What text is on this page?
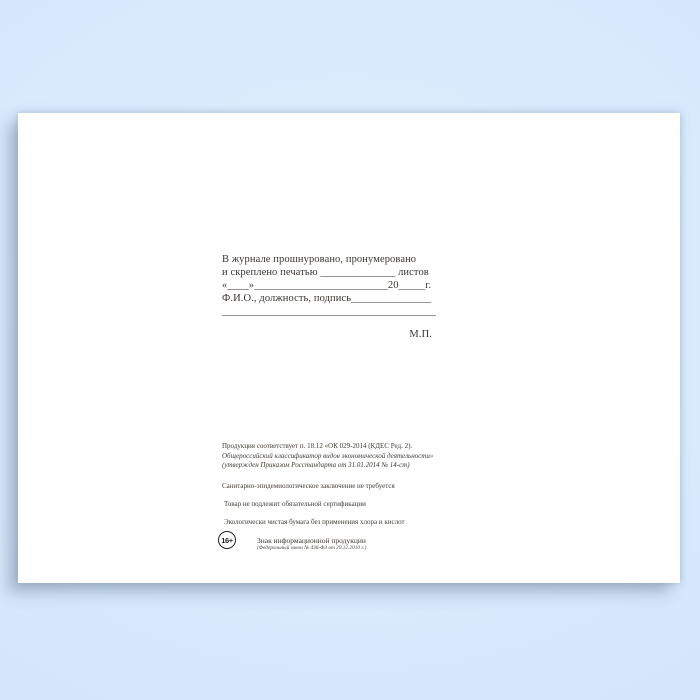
В журнале прошнуровано, пронумеровано
и скреплено печатью ______________ листов
«____»_________________________20_____г.
Ф.И.О., должность, подпись_______________
________________________________________
М.П.
Продукция соответствует п. 18.12 «ОК 029-2014 (КДЕС Ред. 2).
Общероссийский классификатор видов экономической деятельности»
(утвержден Приказом Росстандарта от 31.01.2014 № 14-ст)
Санитарно-эпидемиологическое заключение не требуется
Товар не подлежит обязательной сертификации
Экологически чистая бумага без применения хлора и кислот
16+	Знак информационной продукции
(Федеральный закон № 436-ФЗ от 29.12.2010 г.)
